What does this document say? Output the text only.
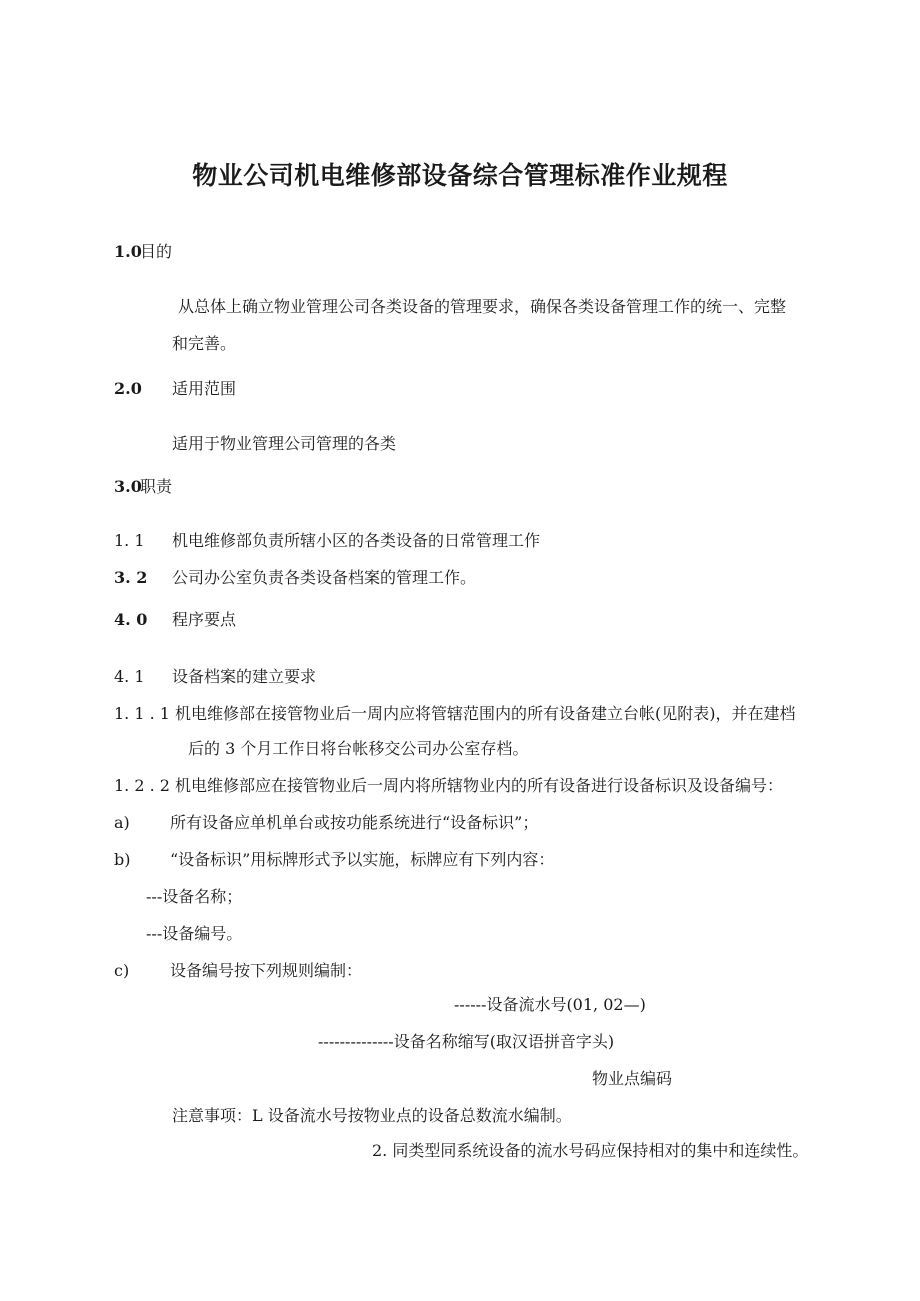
物业公司机电维修部设备综合管理标准作业规程
1.0
目的
从总体上确立物业管理公司各类设备的管理要求，确保各类设备管理工作的统一、完整
和完善。
2.0 适用范围
适用于物业管理公司管理的各类
3.0
职责
1. 1 机电维修部负责所辖小区的各类设备的日常管理工作
3. 2 公司办公室负责各类设备档案的管理工作。
4. 0 程序要点
4. 1 设备档案的建立要求
1. 1 . 1 机电维修部在接管物业后一周内应将管辖范围内的所有设备建立台帐(见附表)，并在建档
后的 3 个月工作日将台帐移交公司办公室存档。
1. 2 . 2 机电维修部应在接管物业后一周内将所辖物业内的所有设备进行设备标识及设备编号：
a)	所有设备应单机单台或按功能系统进行“设备标识”；
b) “设备标识”用标牌形式予以实施，标牌应有下列内容：
---设备名称；
---设备编号。
c)	设备编号按下列规则编制：
------设备流水号(01, 02—)
--------------设备名称缩写(取汉语拼音字头)
物业点编码
注意事项：L 设备流水号按物业点的设备总数流水编制。
2. 同类型同系统设备的流水号码应保持相对的集中和连续性。
